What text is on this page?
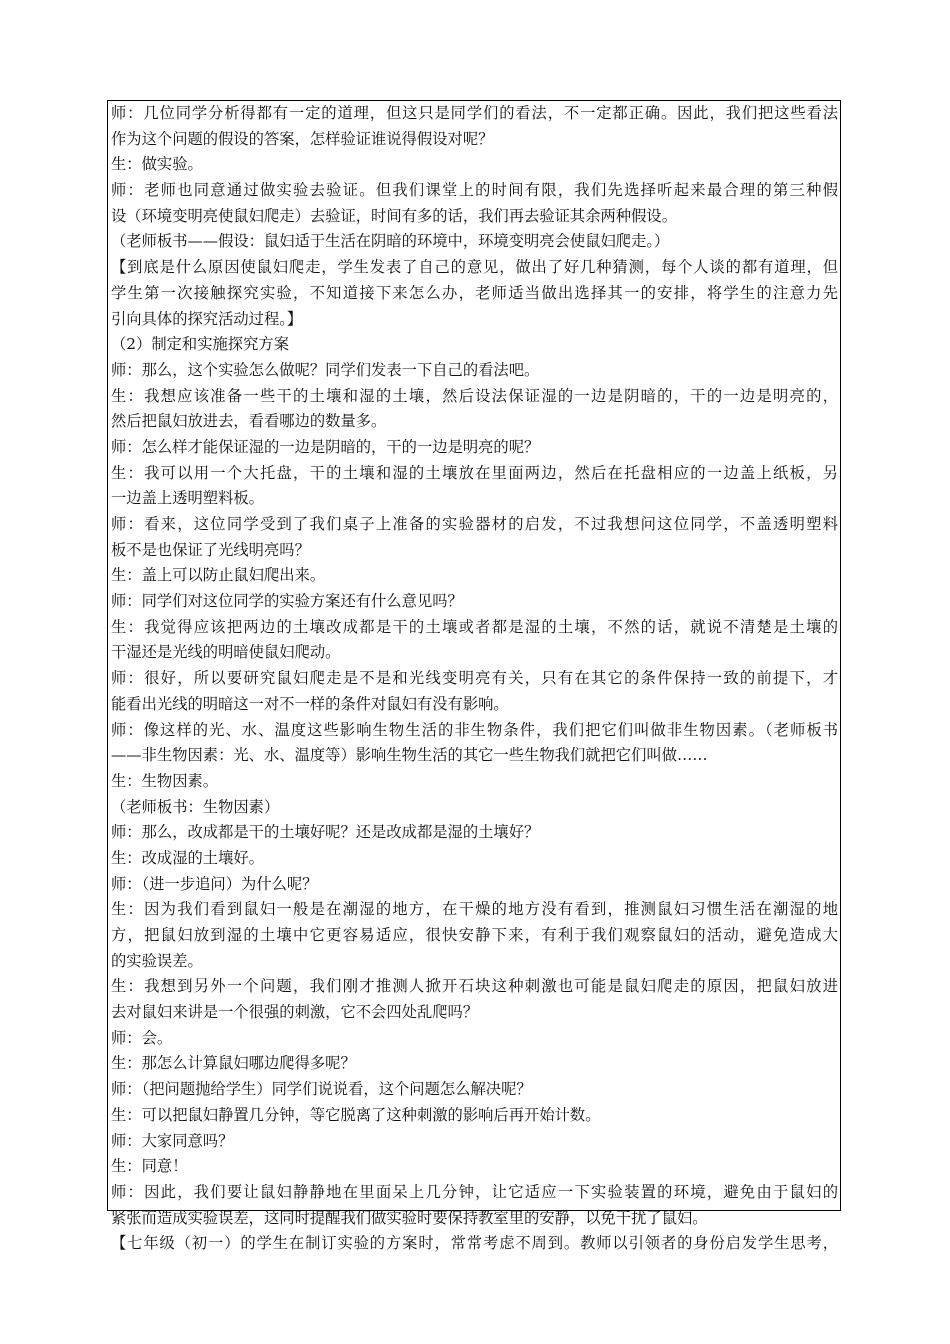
师：几位同学分析得都有一定的道理，但这只是同学们的看法，不一定都正确。因此，我们把这些看法
作为这个问题的假设的答案，怎样验证谁说得假设对呢？
生：做实验。
师：老师也同意通过做实验去验证。但我们课堂上的时间有限，我们先选择听起来最合理的第三种假
设（环境变明亮使鼠妇爬走）去验证，时间有多的话，我们再去验证其余两种假设。
（老师板书——假设：鼠妇适于生活在阴暗的环境中，环境变明亮会使鼠妇爬走。）
【到底是什么原因使鼠妇爬走，学生发表了自己的意见，做出了好几种猜测，每个人谈的都有道理，但
学生第一次接触探究实验，不知道接下来怎么办，老师适当做出选择其一的安排，将学生的注意力先
引向具体的探究活动过程。】
（2）制定和实施探究方案
师：那么，这个实验怎么做呢？同学们发表一下自己的看法吧。
生：我想应该准备一些干的土壤和湿的土壤，然后设法保证湿的一边是阴暗的，干的一边是明亮的，
然后把鼠妇放进去，看看哪边的数量多。
师：怎么样才能保证湿的一边是阴暗的，干的一边是明亮的呢？
生：我可以用一个大托盘，干的土壤和湿的土壤放在里面两边，然后在托盘相应的一边盖上纸板，另
一边盖上透明塑料板。
师：看来，这位同学受到了我们桌子上准备的实验器材的启发，不过我想问这位同学，不盖透明塑料
板不是也保证了光线明亮吗？
生：盖上可以防止鼠妇爬出来。
师：同学们对这位同学的实验方案还有什么意见吗？
生：我觉得应该把两边的土壤改成都是干的土壤或者都是湿的土壤，不然的话，就说不清楚是土壤的
干湿还是光线的明暗使鼠妇爬动。
师：很好，所以要研究鼠妇爬走是不是和光线变明亮有关，只有在其它的条件保持一致的前提下，才
能看出光线的明暗这一对不一样的条件对鼠妇有没有影响。
师：像这样的光、水、温度这些影响生物生活的非生物条件，我们把它们叫做非生物因素。（老师板书
——非生物因素：光、水、温度等）影响生物生活的其它一些生物我们就把它们叫做……
生：生物因素。
（老师板书：生物因素）
师：那么，改成都是干的土壤好呢？还是改成都是湿的土壤好？
生：改成湿的土壤好。
师：（进一步追问）为什么呢？
生：因为我们看到鼠妇一般是在潮湿的地方，在干燥的地方没有看到，推测鼠妇习惯生活在潮湿的地
方，把鼠妇放到湿的土壤中它更容易适应，很快安静下来，有利于我们观察鼠妇的活动，避免造成大
的实验误差。
生：我想到另外一个问题，我们刚才推测人掀开石块这种刺激也可能是鼠妇爬走的原因，把鼠妇放进
去对鼠妇来讲是一个很强的刺激，它不会四处乱爬吗？
师：会。
生：那怎么计算鼠妇哪边爬得多呢？
师：（把问题抛给学生）同学们说说看，这个问题怎么解决呢？
生：可以把鼠妇静置几分钟，等它脱离了这种刺激的影响后再开始计数。
师：大家同意吗？
生：同意！
师：因此，我们要让鼠妇静静地在里面呆上几分钟，让它适应一下实验装置的环境，避免由于鼠妇的
紧张而造成实验误差，这同时提醒我们做实验时要保持教室里的安静，以免干扰了鼠妇。
【七年级（初一）的学生在制订实验的方案时，常常考虑不周到。教师以引领者的身份启发学生思考，
